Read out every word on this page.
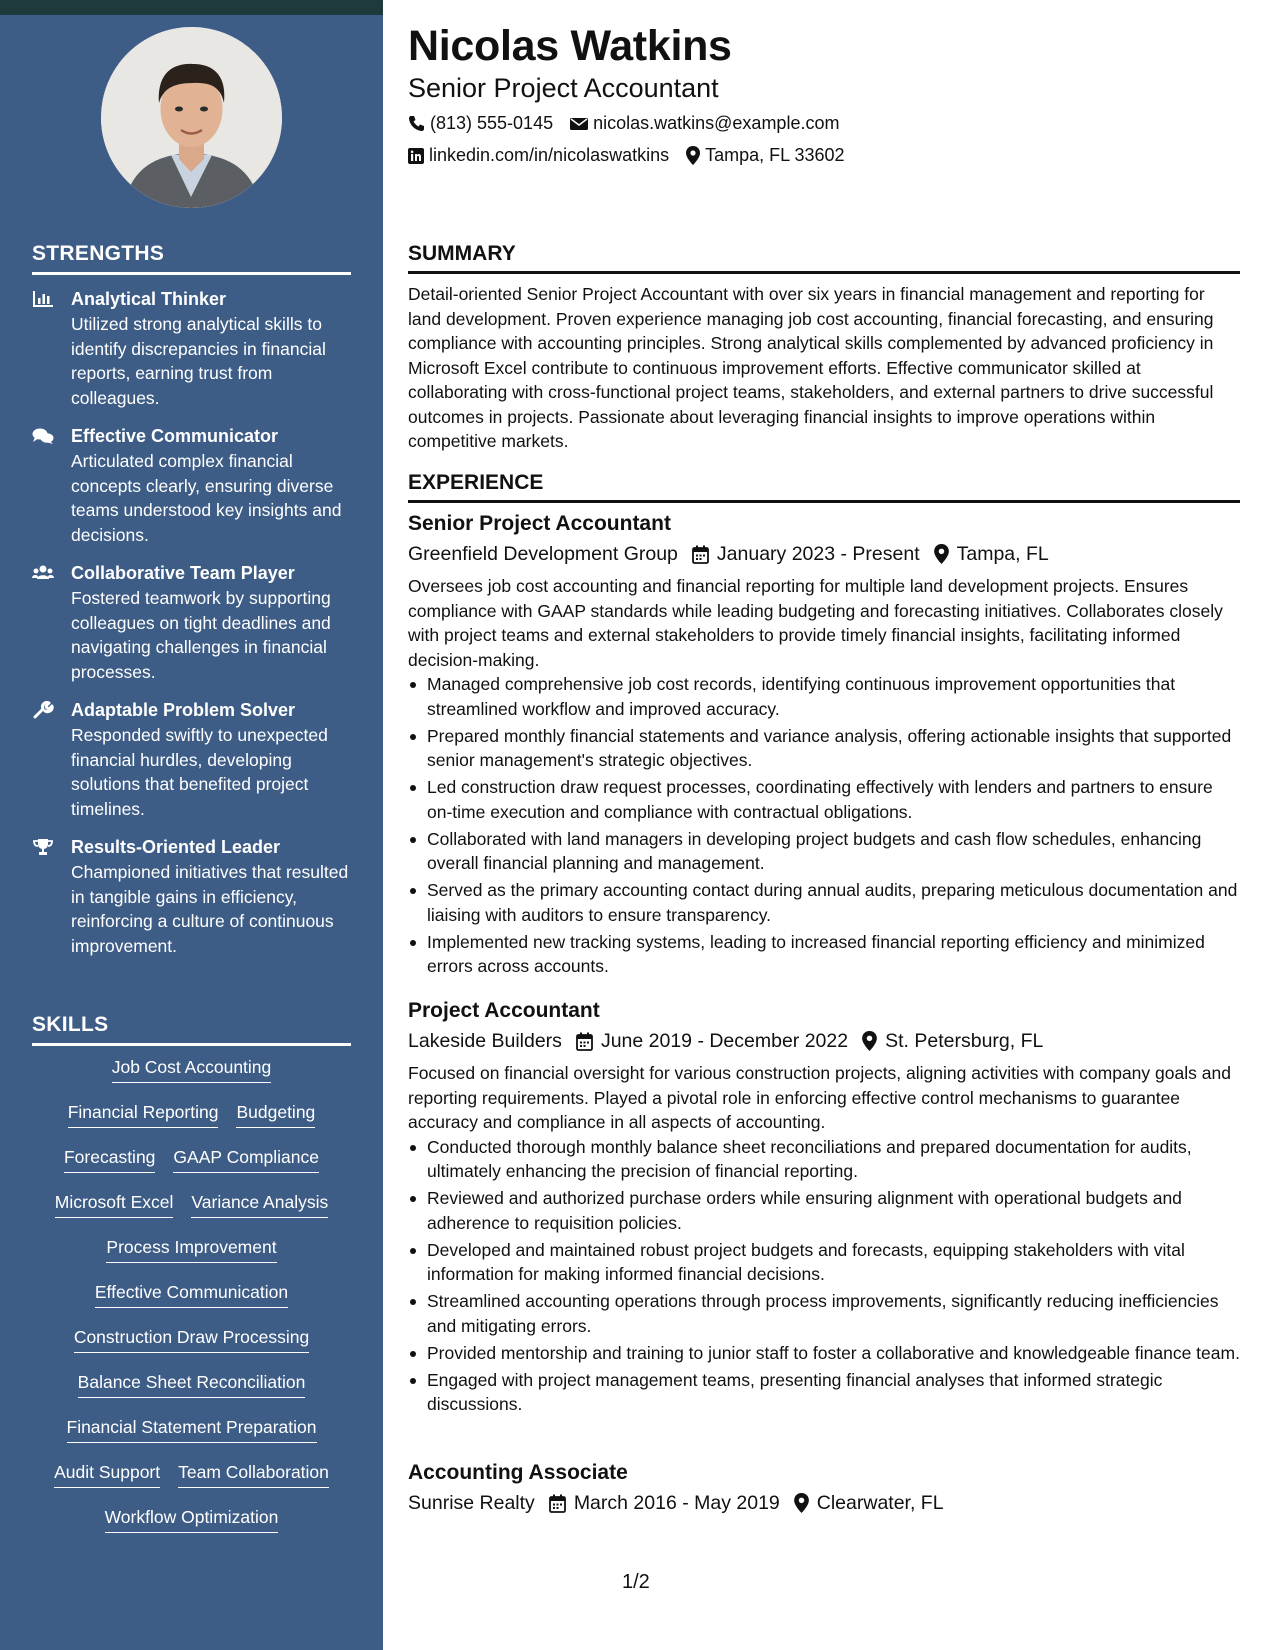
STRENGTHS
Analytical Thinker
Utilized strong analytical skills to identify discrepancies in financial reports, earning trust from colleagues.
Effective Communicator
Articulated complex financial concepts clearly, ensuring diverse teams understood key insights and decisions.
Collaborative Team Player
Fostered teamwork by supporting colleagues on tight deadlines and navigating challenges in financial processes.
Adaptable Problem Solver
Responded swiftly to unexpected financial hurdles, developing solutions that benefited project timelines.
Results-Oriented Leader
Championed initiatives that resulted in tangible gains in efficiency, reinforcing a culture of continuous improvement.
SKILLS
Job Cost Accounting
Financial Reporting Budgeting
Forecasting GAAP Compliance
Microsoft Excel Variance Analysis
Process Improvement
Effective Communication
Construction Draw Processing
Balance Sheet Reconciliation
Financial Statement Preparation
Audit Support Team Collaboration
Workflow Optimization
Nicolas Watkins
Senior Project Accountant
(813) 555-0145 nicolas.watkins@example.com
linkedin.com/in/nicolaswatkins Tampa, FL 33602
SUMMARY

Detail-oriented Senior Project Accountant with over six years in financial management and reporting for land development. Proven experience managing job cost accounting, financial forecasting, and ensuring compliance with accounting principles. Strong analytical skills complemented by advanced proficiency in Microsoft Excel contribute to continuous improvement efforts. Effective communicator skilled at collaborating with cross-functional project teams, stakeholders, and external partners to drive successful outcomes in projects. Passionate about leveraging financial insights to improve operations within competitive markets.

EXPERIENCE
Senior Project Accountant
Greenfield Development Group January 2023 - Present Tampa, FL

Oversees job cost accounting and financial reporting for multiple land development projects. Ensures compliance with GAAP standards while leading budgeting and forecasting initiatives. Collaborates closely with project teams and external stakeholders to provide timely financial insights, facilitating informed decision-making.

Managed comprehensive job cost records, identifying continuous improvement opportunities that streamlined workflow and improved accuracy.
Prepared monthly financial statements and variance analysis, offering actionable insights that supported senior management's strategic objectives.
Led construction draw request processes, coordinating effectively with lenders and partners to ensure on-time execution and compliance with contractual obligations.
Collaborated with land managers in developing project budgets and cash flow schedules, enhancing overall financial planning and management.
Served as the primary accounting contact during annual audits, preparing meticulous documentation and liaising with auditors to ensure transparency.
Implemented new tracking systems, leading to increased financial reporting efficiency and minimized errors across accounts.
Project Accountant
Lakeside Builders June 2019 - December 2022 St. Petersburg, FL

Focused on financial oversight for various construction projects, aligning activities with company goals and reporting requirements. Played a pivotal role in enforcing effective control mechanisms to guarantee accuracy and compliance in all aspects of accounting.

Conducted thorough monthly balance sheet reconciliations and prepared documentation for audits, ultimately enhancing the precision of financial reporting.
Reviewed and authorized purchase orders while ensuring alignment with operational budgets and adherence to requisition policies.
Developed and maintained robust project budgets and forecasts, equipping stakeholders with vital information for making informed financial decisions.
Streamlined accounting operations through process improvements, significantly reducing inefficiencies and mitigating errors.
Provided mentorship and training to junior staff to foster a collaborative and knowledgeable finance team.
Engaged with project management teams, presenting financial analyses that informed strategic discussions.
Accounting Associate
Sunrise Realty March 2016 - May 2019 Clearwater, FL
1/2
